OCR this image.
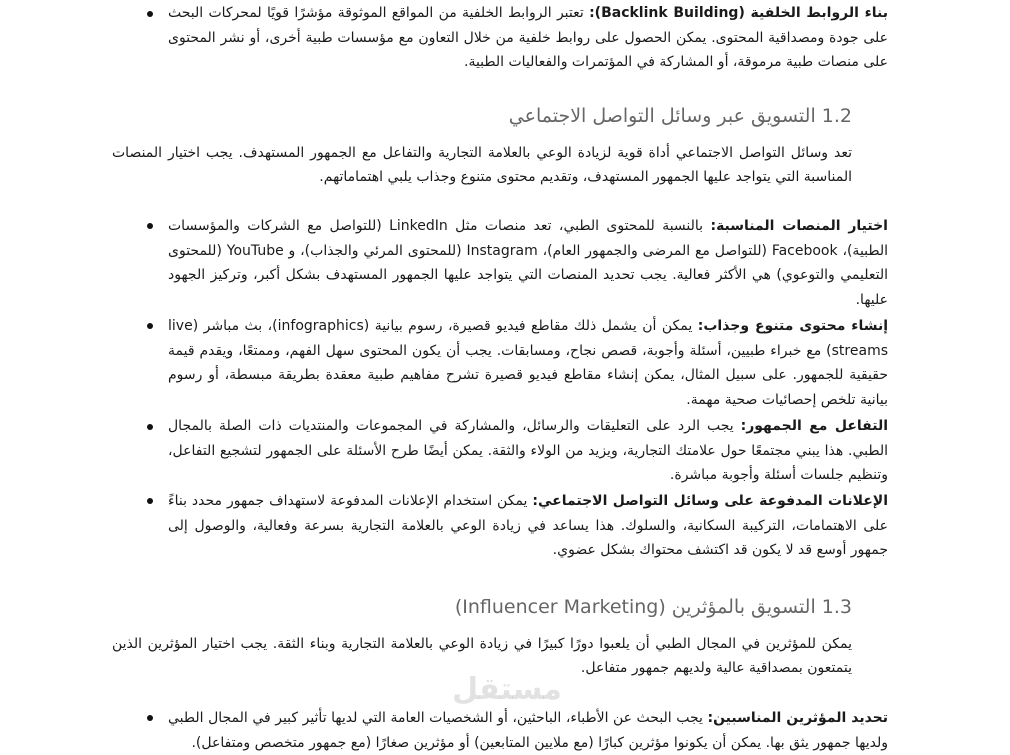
بناء الروابط الخلفية (Backlink Building): تعتبر الروابط الخلفية من المواقع الموثوقة مؤشرًا قويًا لمحركات البحث على جودة ومصداقية المحتوى. يمكن الحصول على روابط خلفية من خلال التعاون مع مؤسسات طبية أخرى، أو نشر المحتوى على منصات طبية مرموقة، أو المشاركة في المؤتمرات والفعاليات الطبية.
1.2 التسويق عبر وسائل التواصل الاجتماعي
تعد وسائل التواصل الاجتماعي أداة قوية لزيادة الوعي بالعلامة التجارية والتفاعل مع الجمهور المستهدف. يجب اختيار المنصات المناسبة التي يتواجد عليها الجمهور المستهدف، وتقديم محتوى متنوع وجذاب يلبي اهتماماتهم.
اختيار المنصات المناسبة: بالنسبة للمحتوى الطبي، تعد منصات مثل LinkedIn (للتواصل مع الشركات والمؤسسات الطبية)، Facebook (للتواصل مع المرضى والجمهور العام)، Instagram (للمحتوى المرئي والجذاب)، و YouTube (للمحتوى التعليمي والتوعوي) هي الأكثر فعالية. يجب تحديد المنصات التي يتواجد عليها الجمهور المستهدف بشكل أكبر، وتركيز الجهود عليها.
إنشاء محتوى متنوع وجذاب: يمكن أن يشمل ذلك مقاطع فيديو قصيرة، رسوم بيانية (infographics)، بث مباشر (live streams) مع خبراء طبيين، أسئلة وأجوبة، قصص نجاح، ومسابقات. يجب أن يكون المحتوى سهل الفهم، وممتعًا، ويقدم قيمة حقيقية للجمهور. على سبيل المثال، يمكن إنشاء مقاطع فيديو قصيرة تشرح مفاهيم طبية معقدة بطريقة مبسطة، أو رسوم بيانية تلخص إحصائيات صحية مهمة.
التفاعل مع الجمهور: يجب الرد على التعليقات والرسائل، والمشاركة في المجموعات والمنتديات ذات الصلة بالمجال الطبي. هذا يبني مجتمعًا حول علامتك التجارية، ويزيد من الولاء والثقة. يمكن أيضًا طرح الأسئلة على الجمهور لتشجيع التفاعل، وتنظيم جلسات أسئلة وأجوبة مباشرة.
الإعلانات المدفوعة على وسائل التواصل الاجتماعي: يمكن استخدام الإعلانات المدفوعة لاستهداف جمهور محدد بناءً على الاهتمامات، التركيبة السكانية، والسلوك. هذا يساعد في زيادة الوعي بالعلامة التجارية بسرعة وفعالية، والوصول إلى جمهور أوسع قد لا يكون قد اكتشف محتواك بشكل عضوي.
1.3 التسويق بالمؤثرين (Influencer Marketing)
يمكن للمؤثرين في المجال الطبي أن يلعبوا دورًا كبيرًا في زيادة الوعي بالعلامة التجارية وبناء الثقة. يجب اختيار المؤثرين الذين يتمتعون بمصداقية عالية ولديهم جمهور متفاعل.
تحديد المؤثرين المناسبين: يجب البحث عن الأطباء، الباحثين، أو الشخصيات العامة التي لديها تأثير كبير في المجال الطبي ولديها جمهور يثق بها. يمكن أن يكونوا مؤثرين كبارًا (مع ملايين المتابعين) أو مؤثرين صغارًا (مع جمهور متخصص ومتفاعل).
مستقل
